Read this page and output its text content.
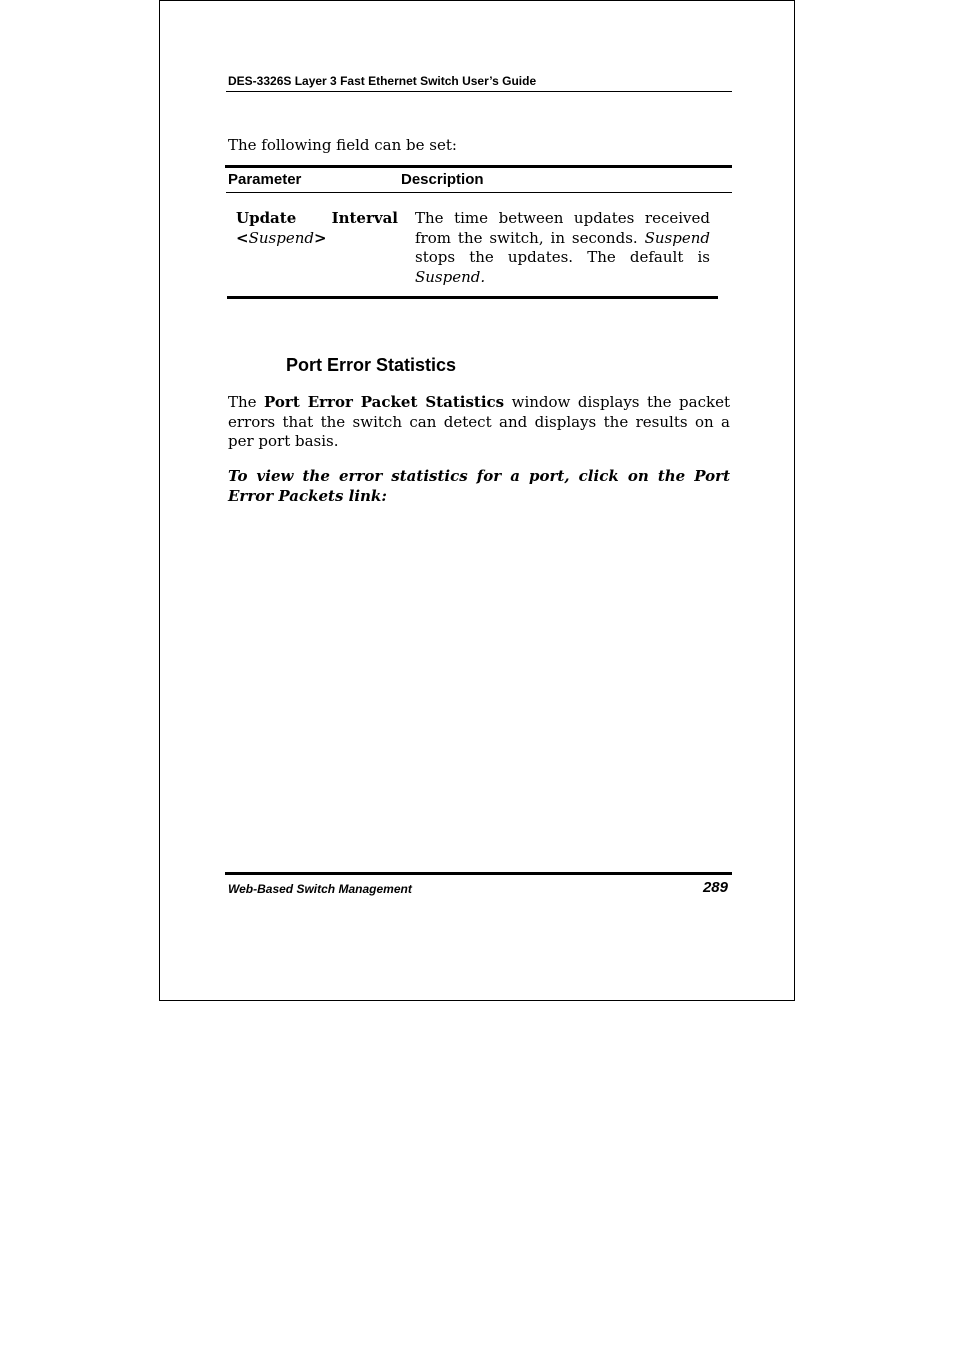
DES-3326S Layer 3 Fast Ethernet Switch User’s Guide
The following field can be set:
Parameter	Description
Update Interval
<Suspend>
The time between updates received from the switch, in seconds. Suspend stops the updates. The default is Suspend.
Port Error Statistics
The Port Error Packet Statistics window displays the packet errors that the switch can detect and displays the results on a per port basis.
To view the error statistics for a port, click on the Port Error Packets link:
Web-Based Switch Management	289
